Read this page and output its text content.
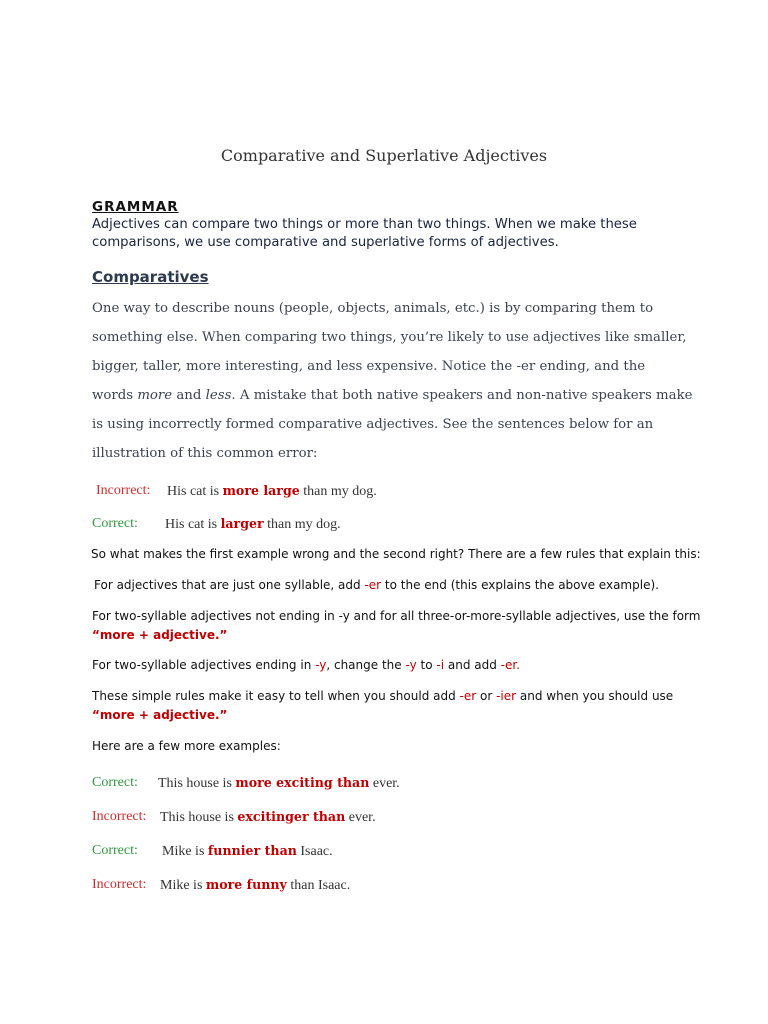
Comparative and Superlative Adjectives
GRAMMAR
Adjectives can compare two things or more than two things. When we make these
comparisons, we use comparative and superlative forms of adjectives.
Comparatives
One way to describe nouns (people, objects, animals, etc.) is by comparing them to
something else. When comparing two things, you’re likely to use adjectives like smaller,
bigger, taller, more interesting, and less expensive. Notice the -er ending, and the
words more and less. A mistake that both native speakers and non-native speakers make
is using incorrectly formed comparative adjectives. See the sentences below for an
illustration of this common error:
Incorrect: His cat is more large than my dog.
Correct: His cat is larger than my dog.
So what makes the first example wrong and the second right? There are a few rules that explain this:
For adjectives that are just one syllable, add -er to the end (this explains the above example).
For two-syllable adjectives not ending in -y and for all three-or-more-syllable adjectives, use the form
“more + adjective.”
For two-syllable adjectives ending in -y, change the -y to -i and add -er.
These simple rules make it easy to tell when you should add -er or -ier and when you should use
“more + adjective.”
Here are a few more examples:
Correct: This house is more exciting than ever.
Incorrect: This house is excitinger than ever.
Correct: Mike is funnier than Isaac.
Incorrect: Mike is more funny than Isaac.
